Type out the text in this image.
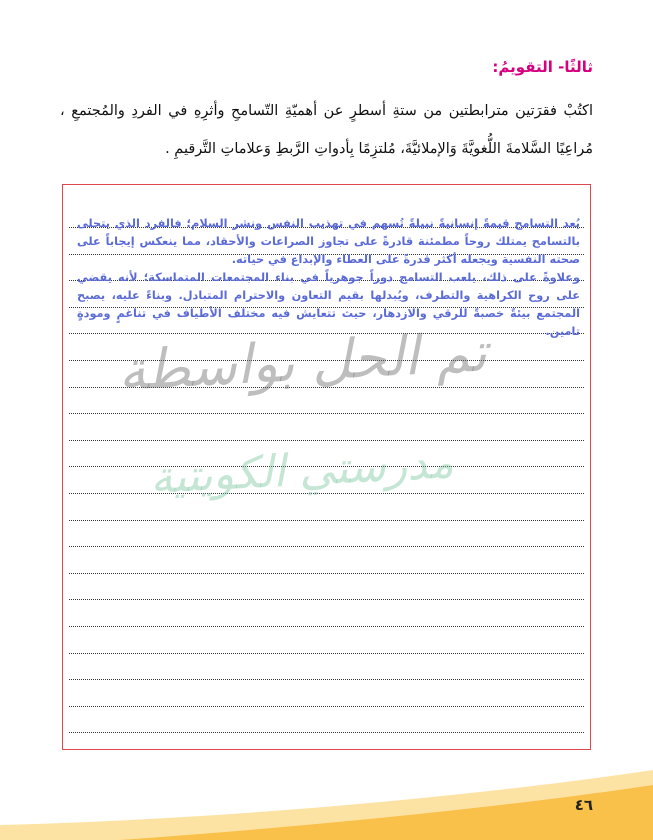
ثالثًا- التقويمُ:
اكتُبْ فقرَتين مترابطتين من ستةِ أسطرٍ عن أهميّةِ التّسامحِ وأثرِهِ في الفردِ والمُجتمعِ ، مُراعِيًا السَّلامةَ اللُّغويَّةَ وَالإملائيَّةَ، مُلتزِمًا بِأدواتِ الرَّبطِ وَعلاماتِ التَّرقيمِ .

يُعد التسامح قيمةً إنسانيةً نبيلةً تُسهم في تهذيب النفس ونشر السلام؛ فالفرد الذي يتحلى بالتسامح يمتلك روحاً مطمئنة قادرةً على تجاوز الصراعات والأحقاد، مما ينعكس إيجاباً على صحته النفسية ويجعله أكثر قدرةً على العطاء والإبداع في حياته.

وعلاوةً على ذلك، يلعب التسامح دوراً جوهرياً في بناء المجتمعات المتماسكة؛ لأنه يقضي على روح الكراهية والتطرف، ويُبدلها بقيم التعاون والاحترام المتبادل. وبناءً عليه، يصبح المجتمع بيئةً خصبةً للرقي والازدهار، حيث تتعايش فيه مختلف الأطياف في تناغمٍ ومودةٍ تامين.

تم الحل بواسطة
مدرستي الكويتية
٤٦
